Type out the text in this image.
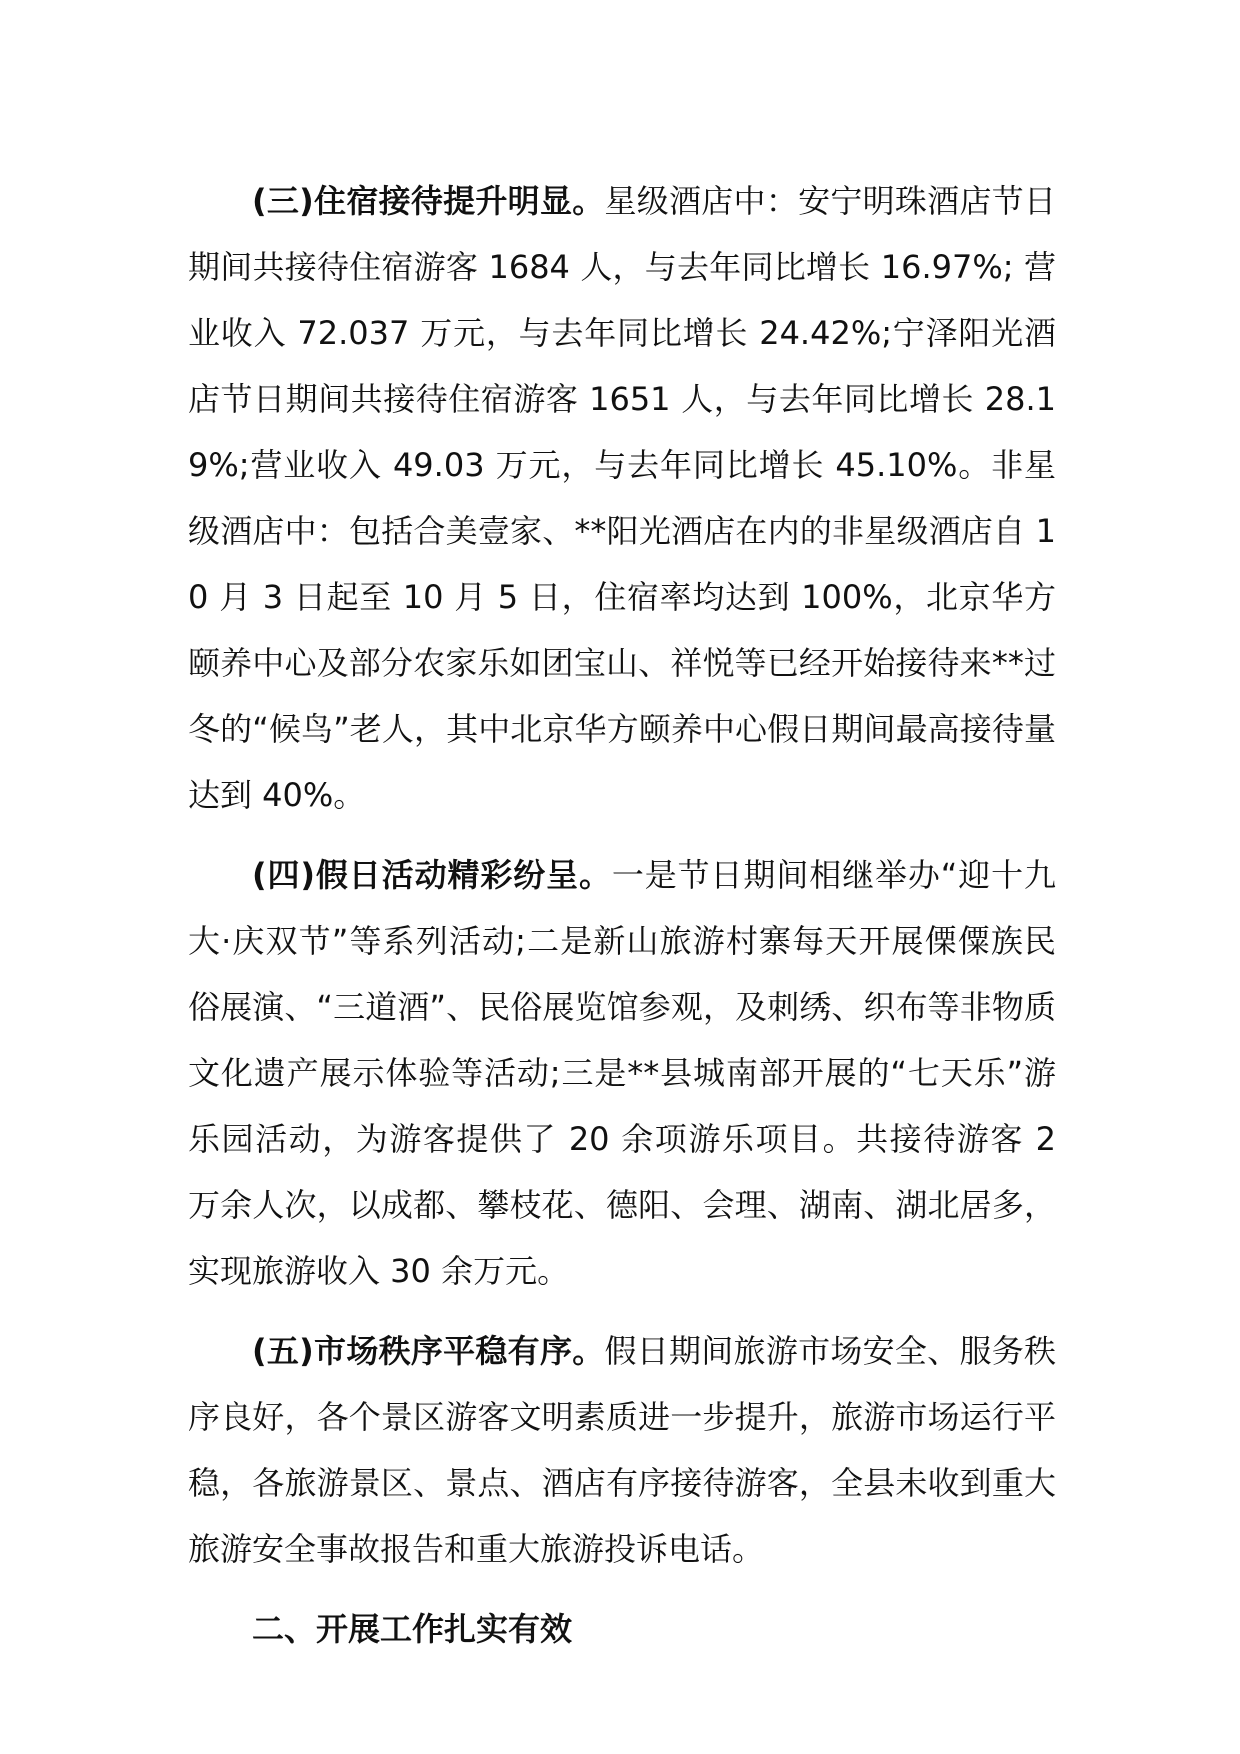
(三)住宿接待提升明显。星级酒店中：安宁明珠酒店节日期间共接待住宿游客 1684 人，与去年同比增长 16.97%; 营业收入 72.037 万元，与去年同比增长 24.42%;宁泽阳光酒店节日期间共接待住宿游客 1651 人，与去年同比增长 28.19%;营业收入 49.03 万元，与去年同比增长 45.10%。非星级酒店中：包括合美壹家、**阳光酒店在内的非星级酒店自 10 月 3 日起至 10 月 5 日，住宿率均达到 100%，北京华方颐养中心及部分农家乐如团宝山、祥悦等已经开始接待来**过冬的“候鸟”老人，其中北京华方颐养中心假日期间最高接待量达到 40%。

(四)假日活动精彩纷呈。一是节日期间相继举办“迎十九大·庆双节”等系列活动;二是新山旅游村寨每天开展傈僳族民俗展演、“三道酒”、民俗展览馆参观，及刺绣、织布等非物质文化遗产展示体验等活动;三是**县城南部开展的“七天乐”游乐园活动，为游客提供了 20 余项游乐项目。共接待游客 2 万余人次，以成都、攀枝花、德阳、会理、湖南、湖北居多，实现旅游收入 30 余万元。

(五)市场秩序平稳有序。假日期间旅游市场安全、服务秩序良好，各个景区游客文明素质进一步提升，旅游市场运行平稳，各旅游景区、景点、酒店有序接待游客，全县未收到重大旅游安全事故报告和重大旅游投诉电话。

二、开展工作扎实有效
